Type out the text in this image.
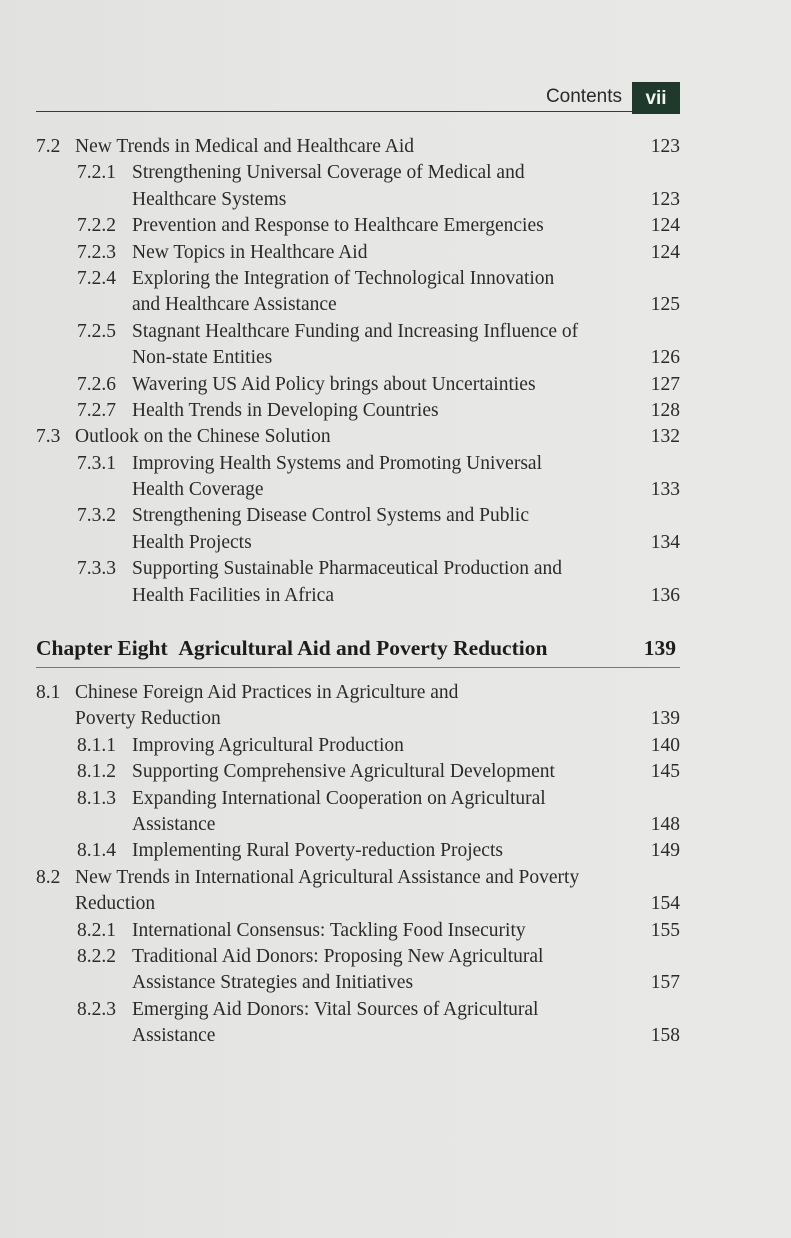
Contents	vii
7.2 New Trends in Medical and Healthcare Aid	123
7.2.1 Strengthening Universal Coverage of Medical and
Healthcare Systems	123
7.2.2 Prevention and Response to Healthcare Emergencies	124
7.2.3 New Topics in Healthcare Aid	124
7.2.4 Exploring the Integration of Technological Innovation
and Healthcare Assistance	125
7.2.5 Stagnant Healthcare Funding and Increasing Influence of
Non-state Entities	126
7.2.6 Wavering US Aid Policy brings about Uncertainties	127
7.2.7 Health Trends in Developing Countries	128
7.3 Outlook on the Chinese Solution	132
7.3.1 Improving Health Systems and Promoting Universal
Health Coverage	133
7.3.2 Strengthening Disease Control Systems and Public
Health Projects	134
7.3.3 Supporting Sustainable Pharmaceutical Production and
Health Facilities in Africa	136
Chapter Eight Agricultural Aid and Poverty Reduction	139
8.1 Chinese Foreign Aid Practices in Agriculture and
Poverty Reduction	139
8.1.1 Improving Agricultural Production	140
8.1.2 Supporting Comprehensive Agricultural Development	145
8.1.3 Expanding International Cooperation on Agricultural
Assistance	148
8.1.4 Implementing Rural Poverty-reduction Projects	149
8.2 New Trends in International Agricultural Assistance and Poverty
Reduction	154
8.2.1 International Consensus: Tackling Food Insecurity	155
8.2.2 Traditional Aid Donors: Proposing New Agricultural
Assistance Strategies and Initiatives	157
8.2.3 Emerging Aid Donors: Vital Sources of Agricultural
Assistance	158
